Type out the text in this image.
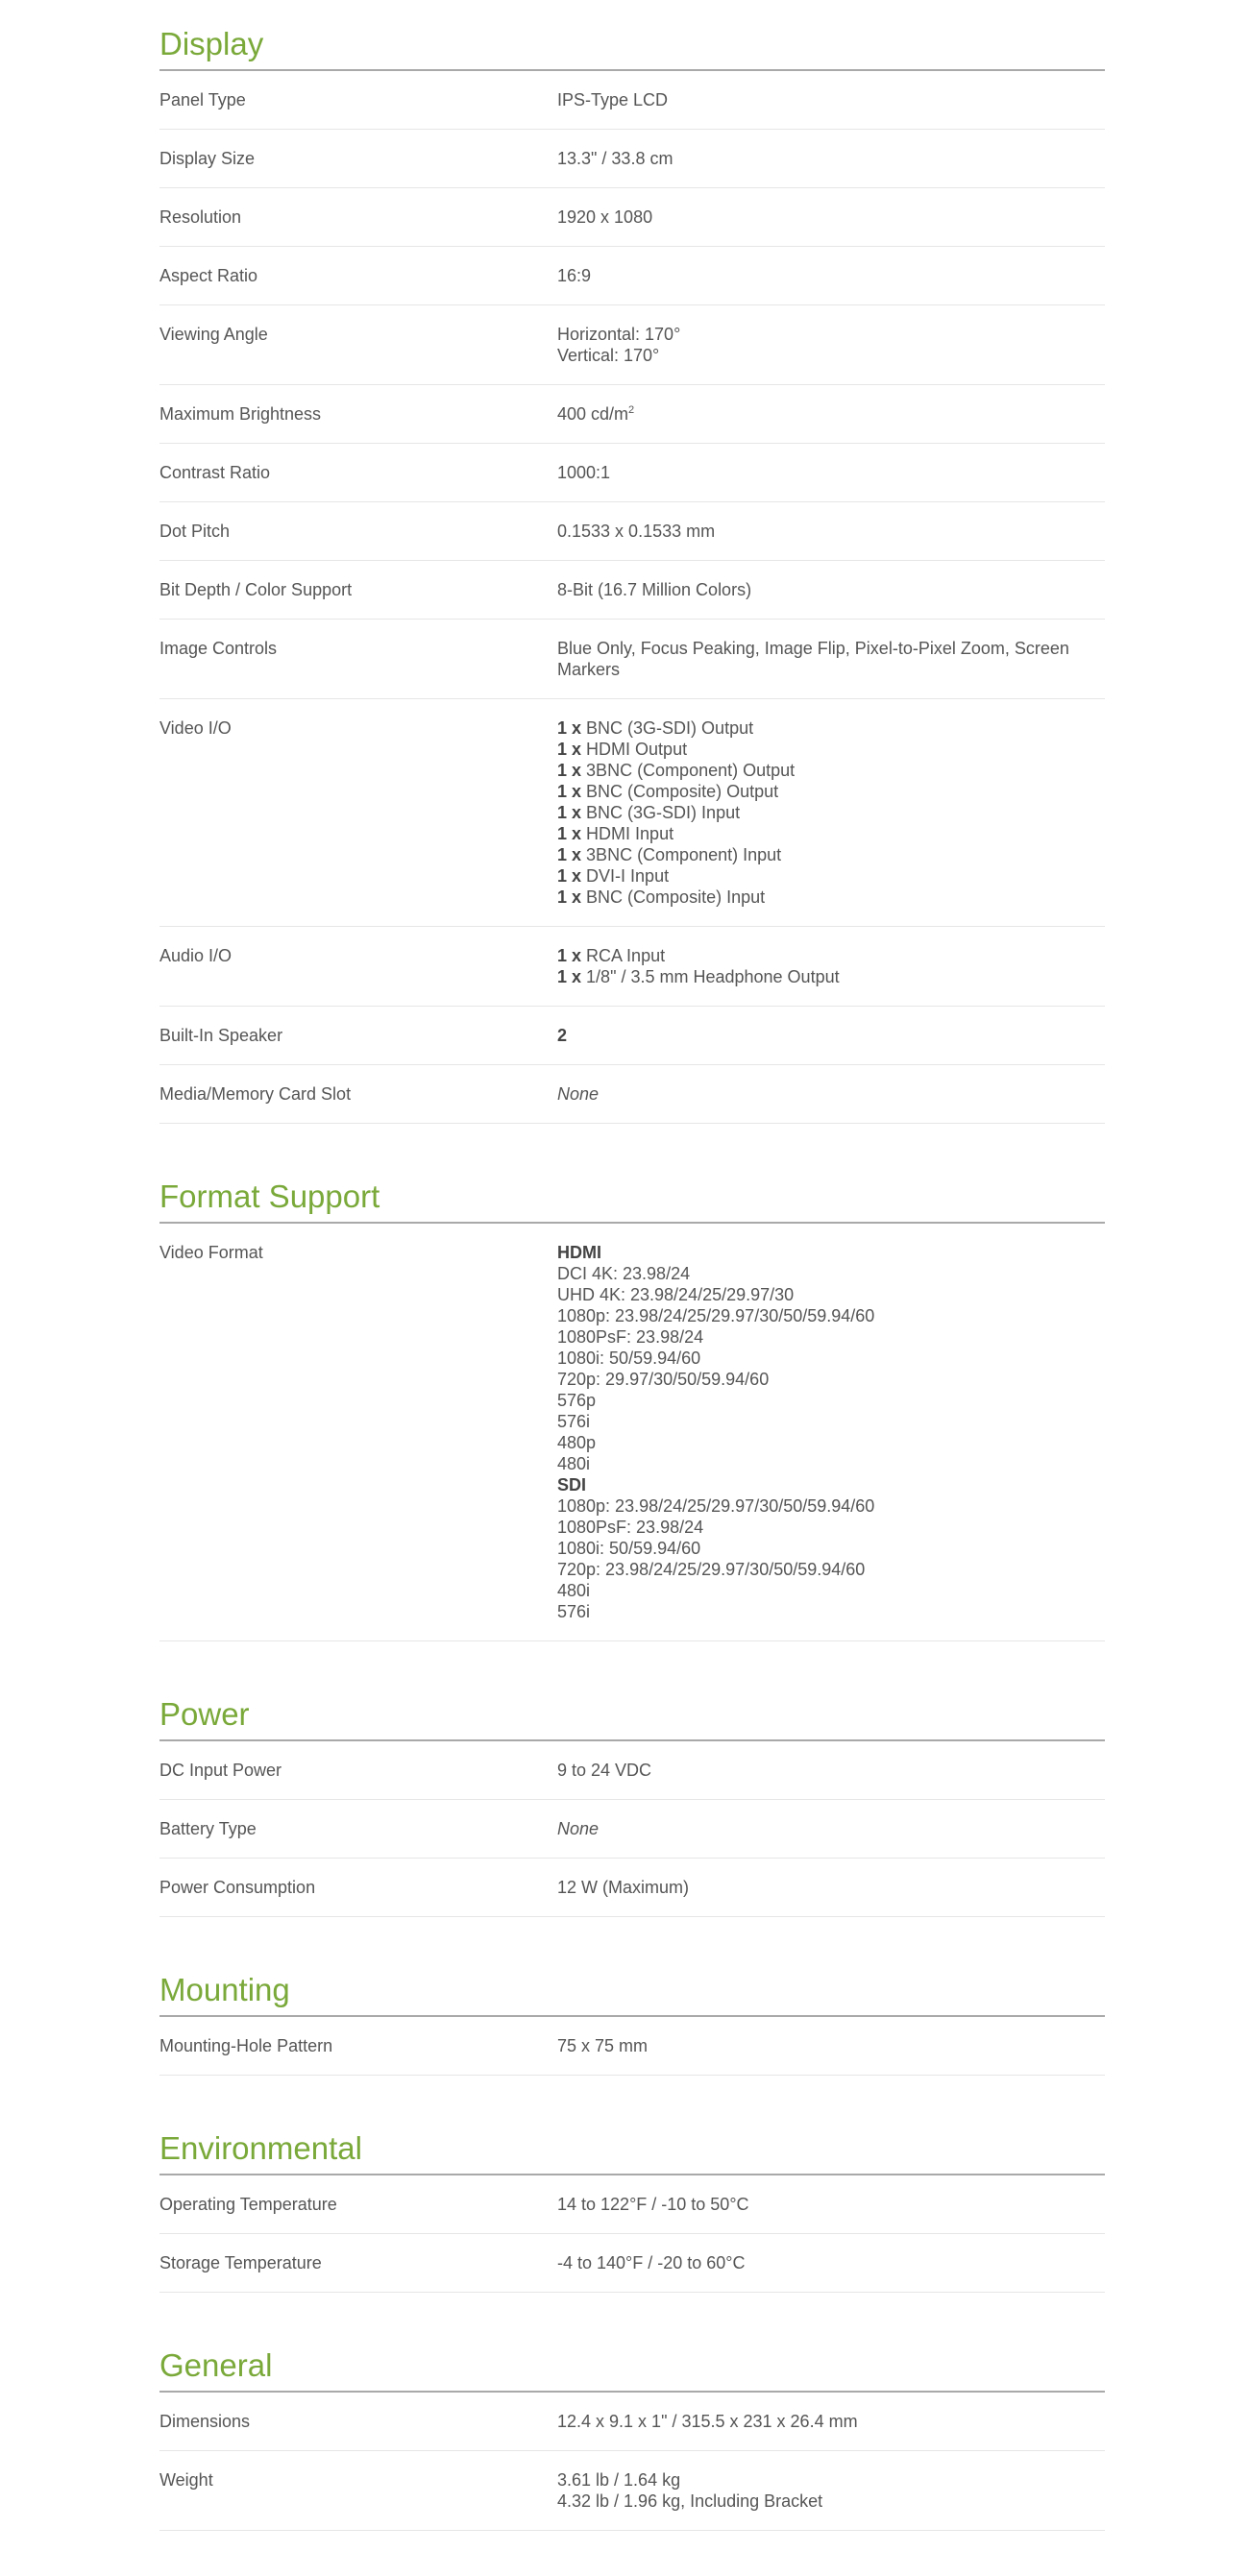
Display
Panel Type	IPS-Type LCD
Display Size	13.3" / 33.8 cm
Resolution	1920 x 1080
Aspect Ratio	16:9
Viewing Angle	Horizontal: 170°
Vertical: 170°
Maximum Brightness	400 $cd/m^2$
Contrast Ratio	1000:1
Dot Pitch	0.1533 x 0.1533 mm
Bit Depth / Color Support	8-Bit (16.7 Million Colors)
Image Controls	Blue Only, Focus Peaking, Image Flip, Pixel-to-Pixel Zoom, Screen Markers
Video I/O	1 x BNC (3G-SDI) Output
1 x HDMI Output
1 x 3BNC (Component) Output
1 x BNC (Composite) Output
1 x BNC (3G-SDI) Input
1 x HDMI Input
1 x 3BNC (Component) Input
1 x DVI-I Input
1 x BNC (Composite) Input
Audio I/O	1 x RCA Input
1 x 1/8" / 3.5 mm Headphone Output
Built-In Speaker	2
Media/Memory Card Slot	None
Format Support
Video Format	HDMI
DCI 4K: 23.98/24
UHD 4K: 23.98/24/25/29.97/30
1080p: 23.98/24/25/29.97/30/50/59.94/60
1080PsF: 23.98/24
1080i: 50/59.94/60
720p: 29.97/30/50/59.94/60
576p
576i
480p
480i
SDI
1080p: 23.98/24/25/29.97/30/50/59.94/60
1080PsF: 23.98/24
1080i: 50/59.94/60
720p: 23.98/24/25/29.97/30/50/59.94/60
480i
576i
Power
DC Input Power	9 to 24 VDC
Battery Type	None
Power Consumption	12 W (Maximum)
Mounting
Mounting-Hole Pattern	75 x 75 mm
Environmental
Operating Temperature	14 to 122°F / -10 to 50°C
Storage Temperature	-4 to 140°F / -20 to 60°C
General
Dimensions	12.4 x 9.1 x 1" / 315.5 x 231 x 26.4 mm
Weight	3.61 lb / 1.64 kg
4.32 lb / 1.96 kg, Including Bracket
